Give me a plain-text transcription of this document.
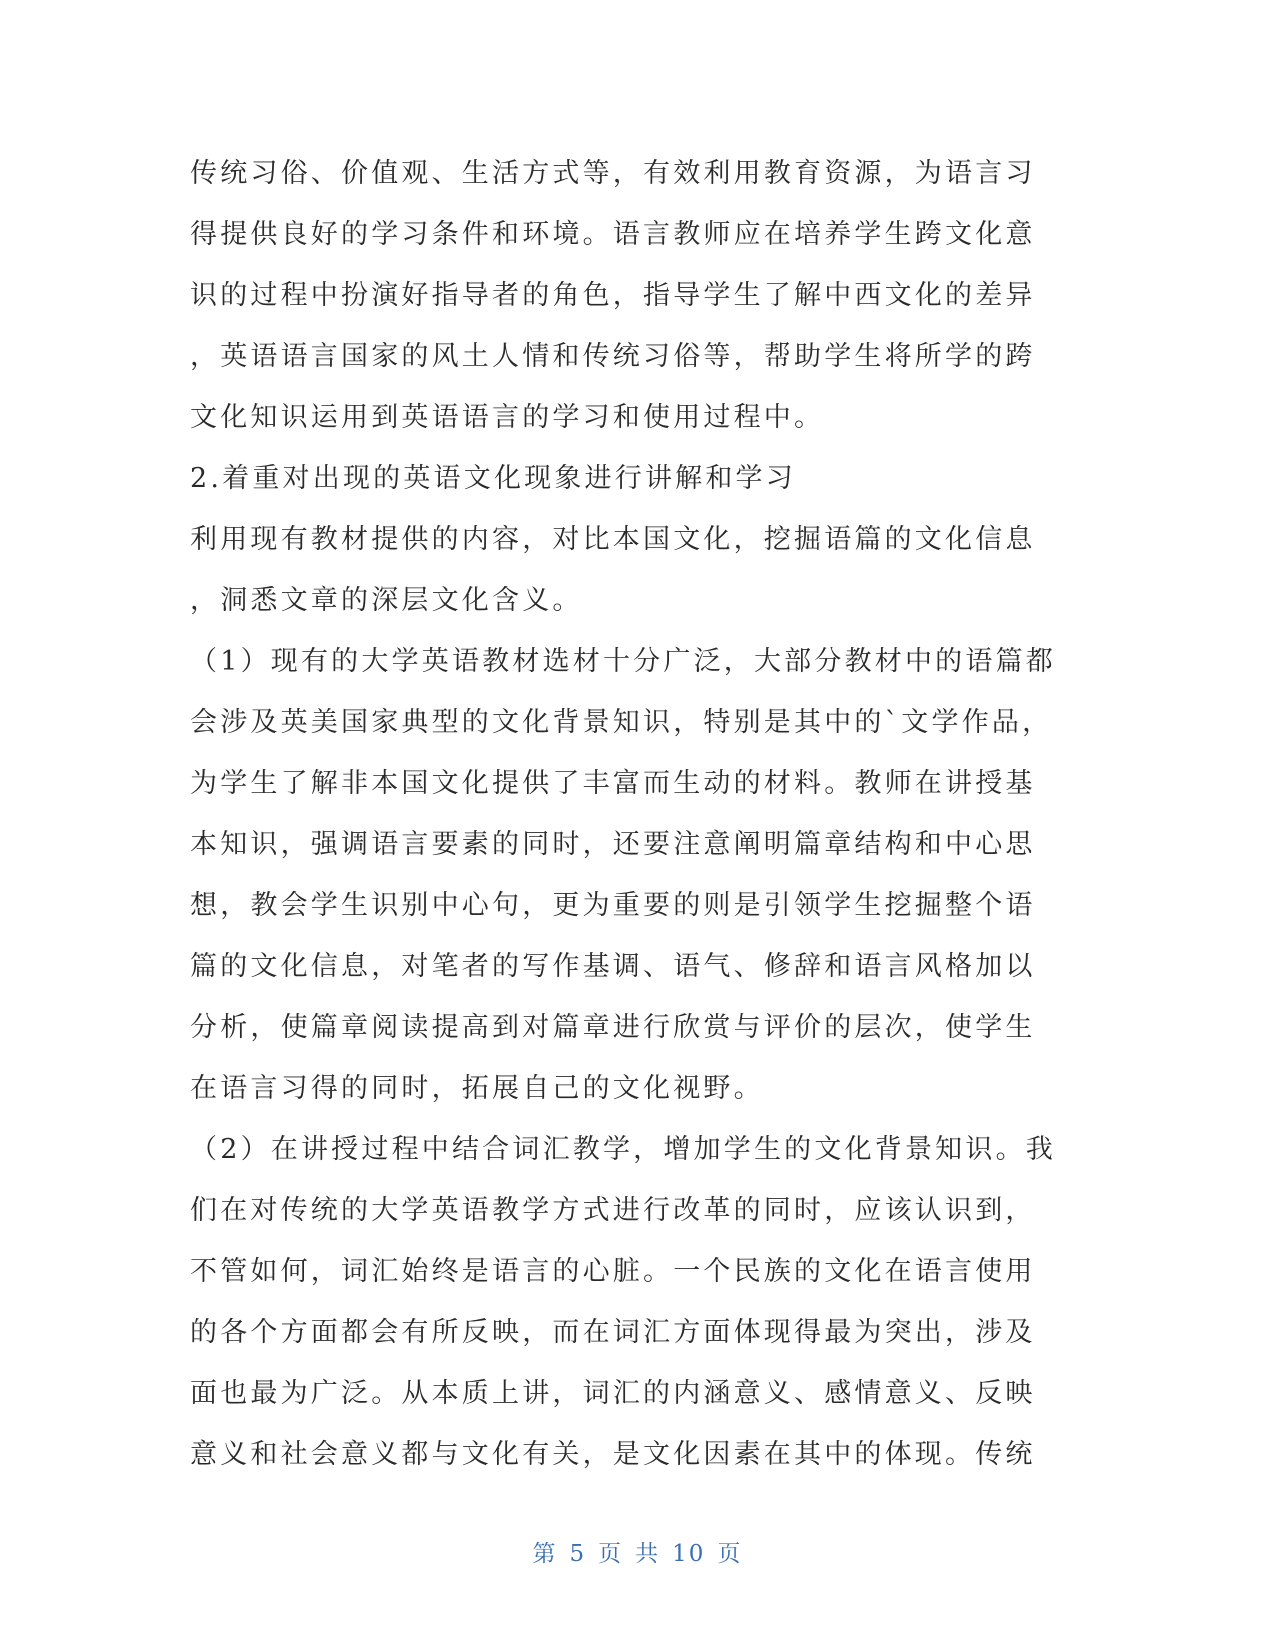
传统习俗、价值观、生活方式等，有效利用教育资源，为语言习
得提供良好的学习条件和环境。语言教师应在培养学生跨文化意
识的过程中扮演好指导者的角色，指导学生了解中西文化的差异
，英语语言国家的风土人情和传统习俗等，帮助学生将所学的跨
文化知识运用到英语语言的学习和使用过程中。
2.着重对出现的英语文化现象进行讲解和学习
利用现有教材提供的内容，对比本国文化，挖掘语篇的文化信息
，洞悉文章的深层文化含义。
（1）现有的大学英语教材选材十分广泛，大部分教材中的语篇都
会涉及英美国家典型的文化背景知识，特别是其中的`文学作品，
为学生了解非本国文化提供了丰富而生动的材料。教师在讲授基
本知识，强调语言要素的同时，还要注意阐明篇章结构和中心思
想，教会学生识别中心句，更为重要的则是引领学生挖掘整个语
篇的文化信息，对笔者的写作基调、语气、修辞和语言风格加以
分析，使篇章阅读提高到对篇章进行欣赏与评价的层次，使学生
在语言习得的同时，拓展自己的文化视野。
（2）在讲授过程中结合词汇教学，增加学生的文化背景知识。我
们在对传统的大学英语教学方式进行改革的同时，应该认识到，
不管如何，词汇始终是语言的心脏。一个民族的文化在语言使用
的各个方面都会有所反映，而在词汇方面体现得最为突出，涉及
面也最为广泛。从本质上讲，词汇的内涵意义、感情意义、反映
意义和社会意义都与文化有关，是文化因素在其中的体现。传统
第 5 页 共 10 页
